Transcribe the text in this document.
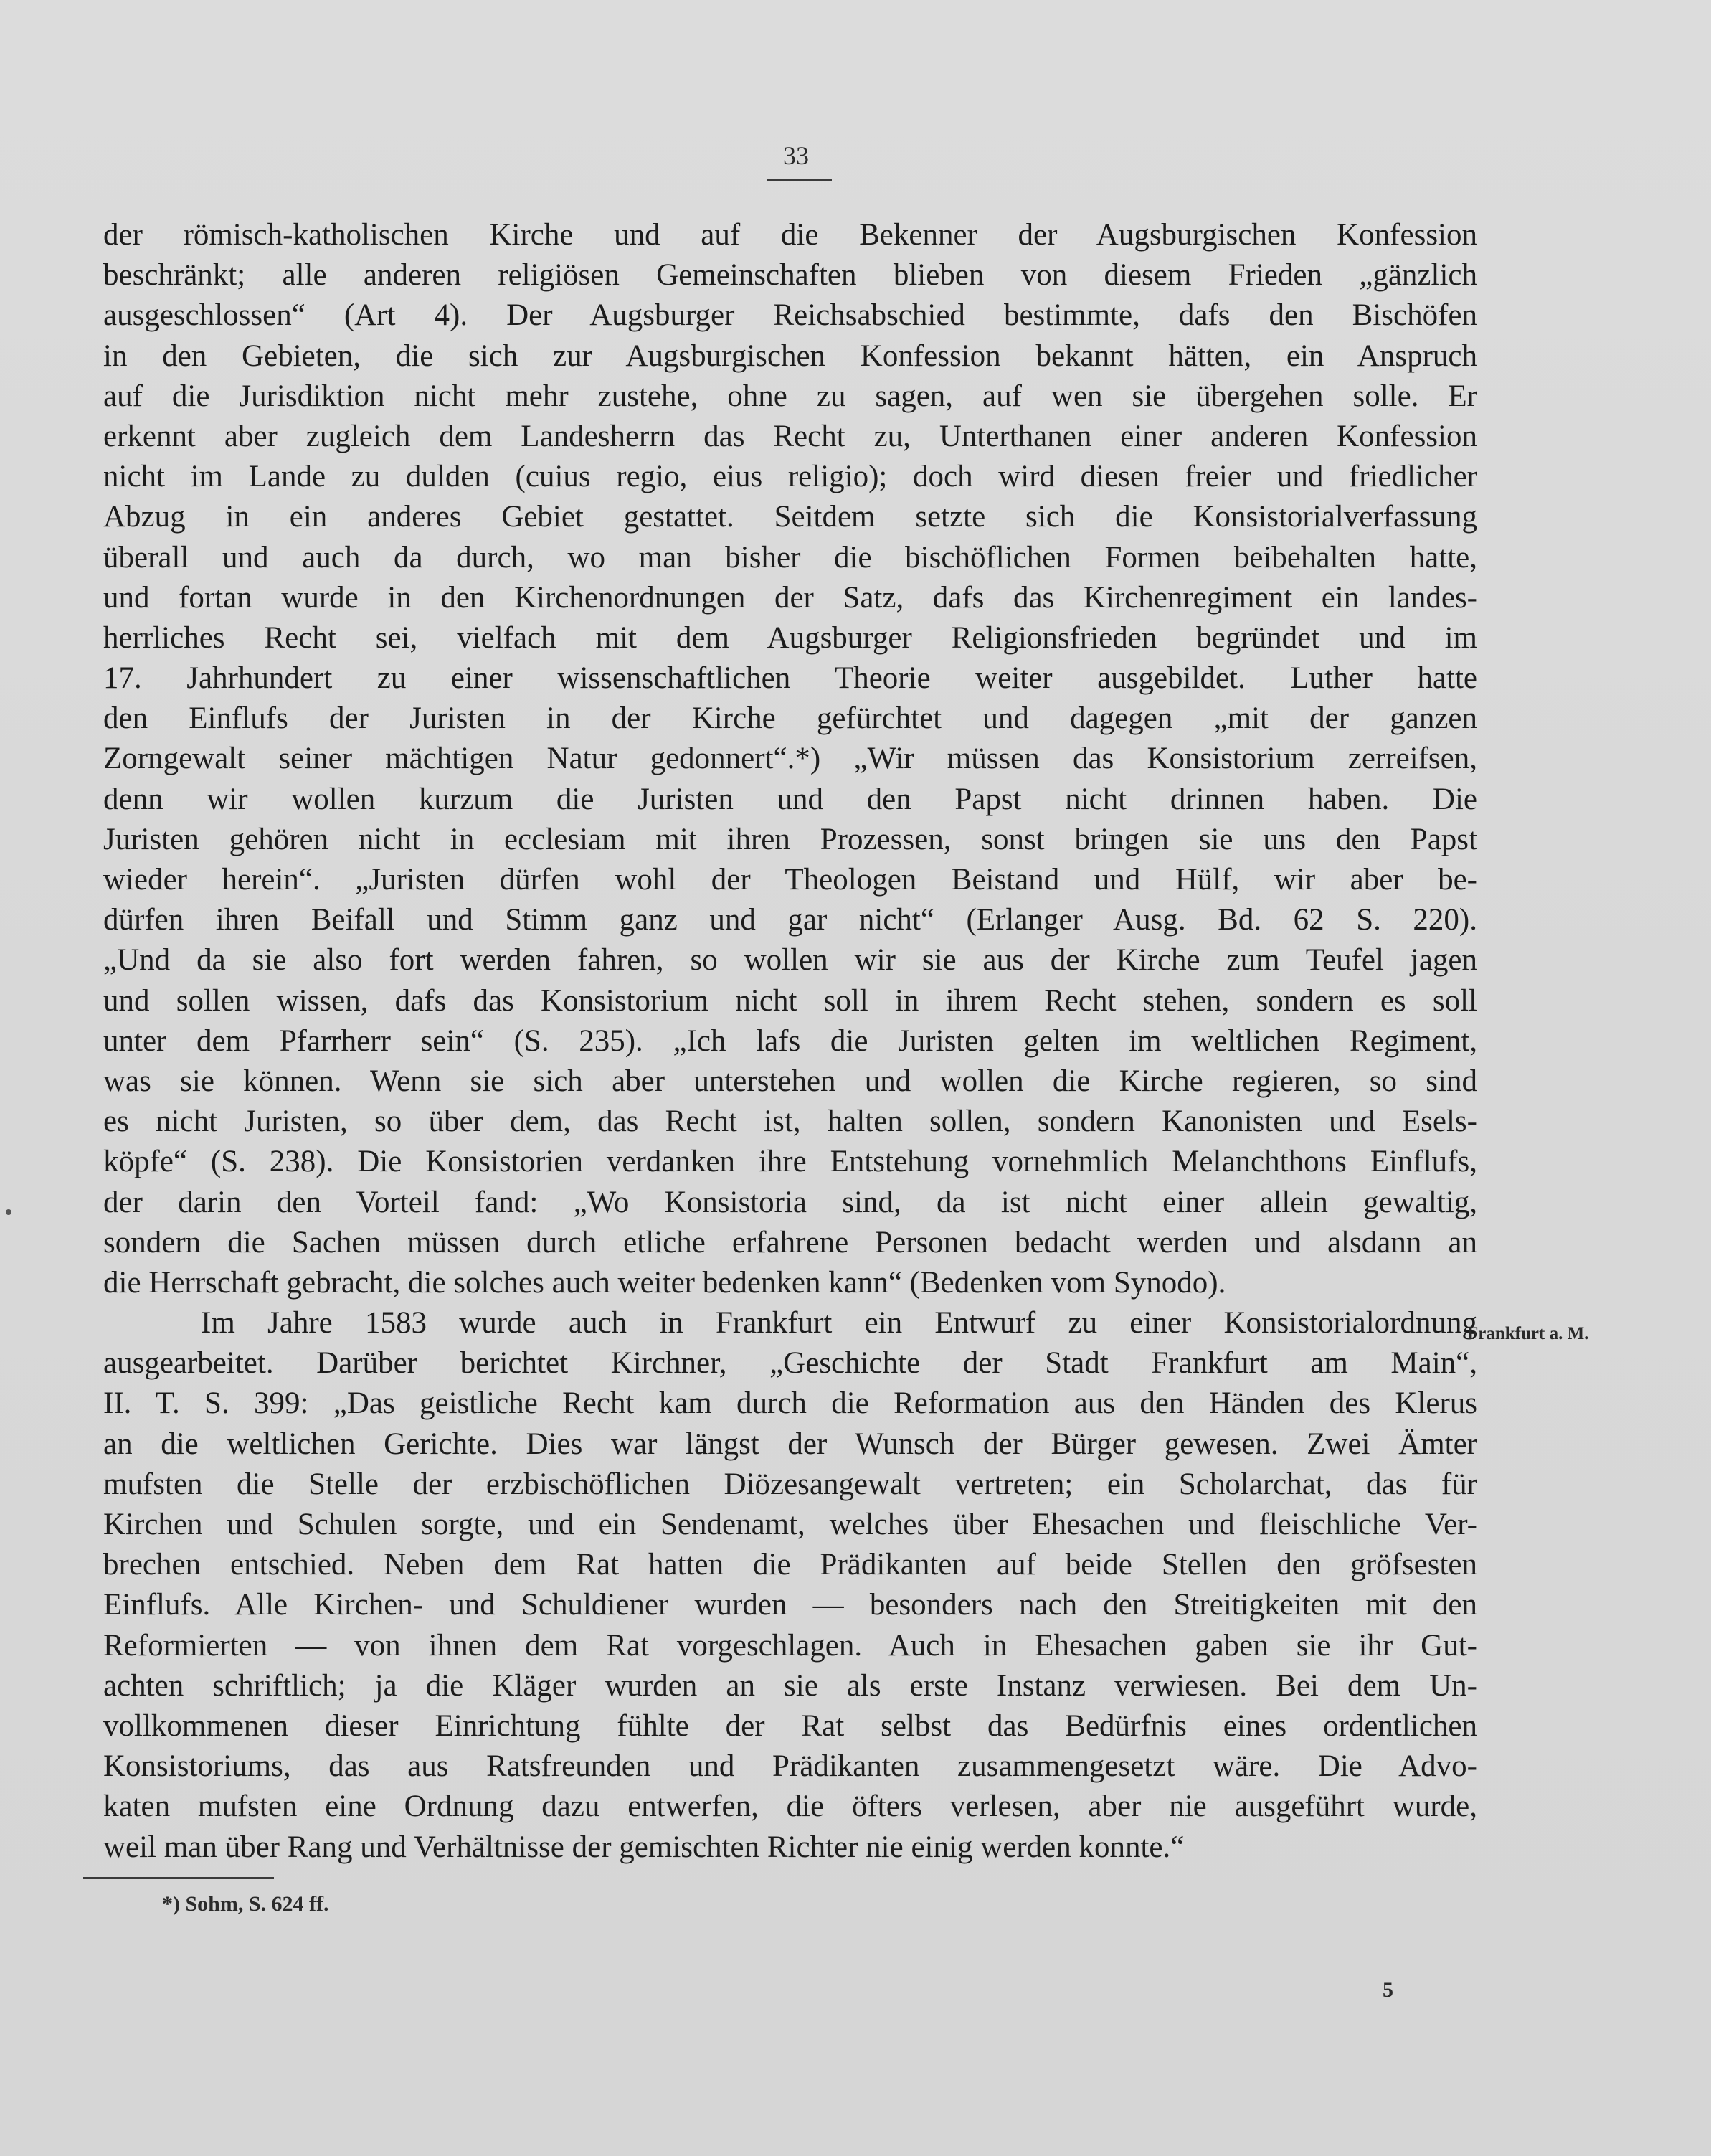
33
der römisch-katholischen Kirche und auf die Bekenner der Augsburgischen Konfession
beschränkt; alle anderen religiösen Gemeinschaften blieben von diesem Frieden „gänzlich
ausgeschlossen“ (Art 4). Der Augsburger Reichsabschied bestimmte, dafs den Bischöfen
in den Gebieten, die sich zur Augsburgischen Konfession bekannt hätten, ein Anspruch
auf die Jurisdiktion nicht mehr zustehe, ohne zu sagen, auf wen sie übergehen solle. Er
erkennt aber zugleich dem Landesherrn das Recht zu, Unterthanen einer anderen Konfession
nicht im Lande zu dulden (cuius regio, eius religio); doch wird diesen freier und friedlicher
Abzug in ein anderes Gebiet gestattet. Seitdem setzte sich die Konsistorialverfassung
überall und auch da durch, wo man bisher die bischöflichen Formen beibehalten hatte,
und fortan wurde in den Kirchenordnungen der Satz, dafs das Kirchenregiment ein landes-
herrliches Recht sei, vielfach mit dem Augsburger Religionsfrieden begründet und im
17. Jahrhundert zu einer wissenschaftlichen Theorie weiter ausgebildet. Luther hatte
den Einflufs der Juristen in der Kirche gefürchtet und dagegen „mit der ganzen
Zorngewalt seiner mächtigen Natur gedonnert“.*) „Wir müssen das Konsistorium zerreifsen,
denn wir wollen kurzum die Juristen und den Papst nicht drinnen haben. Die
Juristen gehören nicht in ecclesiam mit ihren Prozessen, sonst bringen sie uns den Papst
wieder herein“. „Juristen dürfen wohl der Theologen Beistand und Hülf, wir aber be-
dürfen ihren Beifall und Stimm ganz und gar nicht“ (Erlanger Ausg. Bd. 62 S. 220).
„Und da sie also fort werden fahren, so wollen wir sie aus der Kirche zum Teufel jagen
und sollen wissen, dafs das Konsistorium nicht soll in ihrem Recht stehen, sondern es soll
unter dem Pfarrherr sein“ (S. 235). „Ich lafs die Juristen gelten im weltlichen Regiment,
was sie können. Wenn sie sich aber unterstehen und wollen die Kirche regieren, so sind
es nicht Juristen, so über dem, das Recht ist, halten sollen, sondern Kanonisten und Esels-
köpfe“ (S. 238). Die Konsistorien verdanken ihre Entstehung vornehmlich Melanchthons Einflufs,
der darin den Vorteil fand: „Wo Konsistoria sind, da ist nicht einer allein gewaltig,
sondern die Sachen müssen durch etliche erfahrene Personen bedacht werden und alsdann an
die Herrschaft gebracht, die solches auch weiter bedenken kann“ (Bedenken vom Synodo).
Im Jahre 1583 wurde auch in Frankfurt ein Entwurf zu einer Konsistorialordnung
ausgearbeitet. Darüber berichtet Kirchner, „Geschichte der Stadt Frankfurt am Main“,
II. T. S. 399: „Das geistliche Recht kam durch die Reformation aus den Händen des Klerus
an die weltlichen Gerichte. Dies war längst der Wunsch der Bürger gewesen. Zwei Ämter
mufsten die Stelle der erzbischöflichen Diözesangewalt vertreten; ein Scholarchat, das für
Kirchen und Schulen sorgte, und ein Sendenamt, welches über Ehesachen und fleischliche Ver-
brechen entschied. Neben dem Rat hatten die Prädikanten auf beide Stellen den gröfsesten
Einflufs. Alle Kirchen- und Schuldiener wurden — besonders nach den Streitigkeiten mit den
Reformierten — von ihnen dem Rat vorgeschlagen. Auch in Ehesachen gaben sie ihr Gut-
achten schriftlich; ja die Kläger wurden an sie als erste Instanz verwiesen. Bei dem Un-
vollkommenen dieser Einrichtung fühlte der Rat selbst das Bedürfnis eines ordentlichen
Konsistoriums, das aus Ratsfreunden und Prädikanten zusammengesetzt wäre. Die Advo-
katen mufsten eine Ordnung dazu entwerfen, die öfters verlesen, aber nie ausgeführt wurde,
weil man über Rang und Verhältnisse der gemischten Richter nie einig werden konnte.“
Frankfurt a. M.
*) Sohm, S. 624 ff.
5
